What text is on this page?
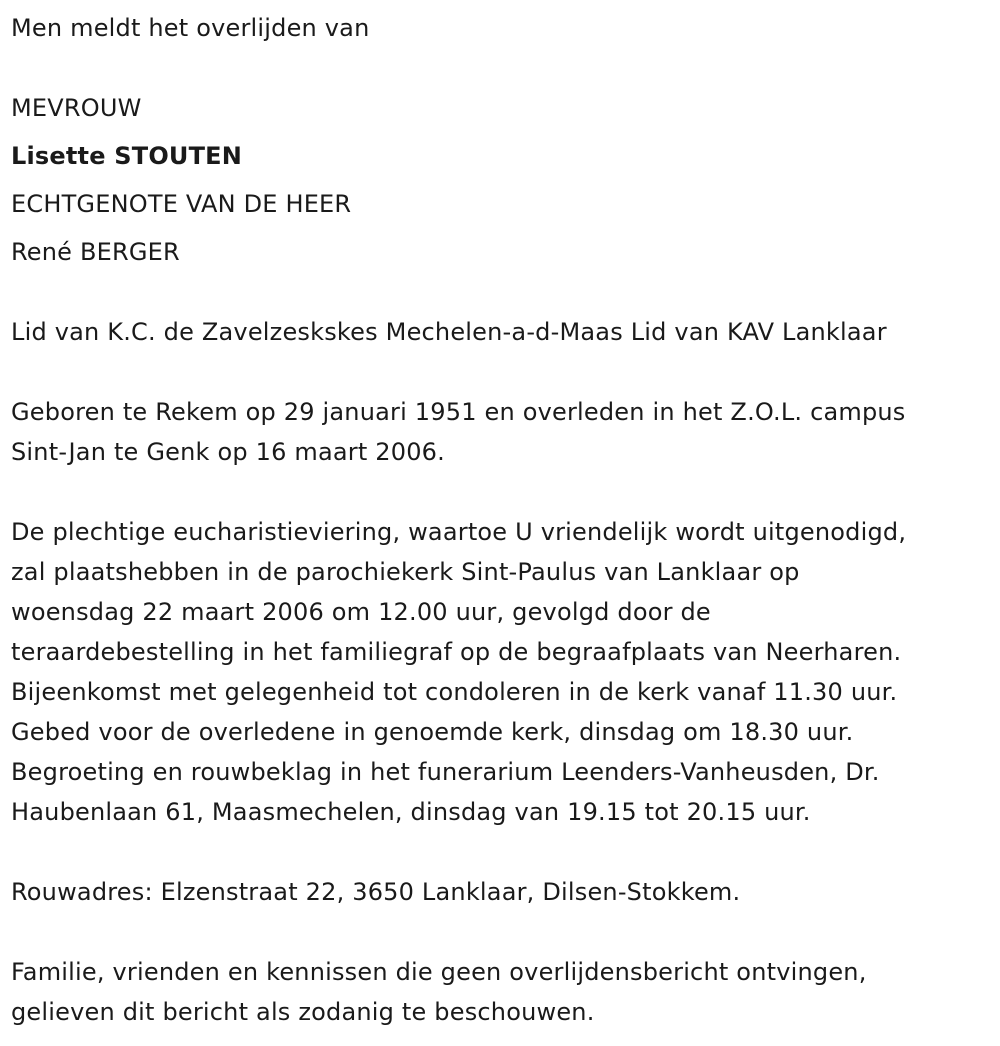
Men meldt het overlijden van
MEVROUW
Lisette STOUTEN
ECHTGENOTE VAN DE HEER
René BERGER
Lid van K.C. de Zavelzeskskes Mechelen-a-d-Maas Lid van KAV Lanklaar
Geboren te Rekem op 29 januari 1951 en overleden in het Z.O.L. campus
Sint-Jan te Genk op 16 maart 2006.
De plechtige eucharistieviering, waartoe U vriendelijk wordt uitgenodigd,
zal plaatshebben in de parochiekerk Sint-Paulus van Lanklaar op
woensdag 22 maart 2006 om 12.00 uur, gevolgd door de
teraardebestelling in het familiegraf op de begraafplaats van Neerharen.
Bijeenkomst met gelegenheid tot condoleren in de kerk vanaf 11.30 uur.
Gebed voor de overledene in genoemde kerk, dinsdag om 18.30 uur.
Begroeting en rouwbeklag in het funerarium Leenders-Vanheusden, Dr.
Haubenlaan 61, Maasmechelen, dinsdag van 19.15 tot 20.15 uur.
Rouwadres: Elzenstraat 22, 3650 Lanklaar, Dilsen-Stokkem.
Familie, vrienden en kennissen die geen overlijdensbericht ontvingen,
gelieven dit bericht als zodanig te beschouwen.
